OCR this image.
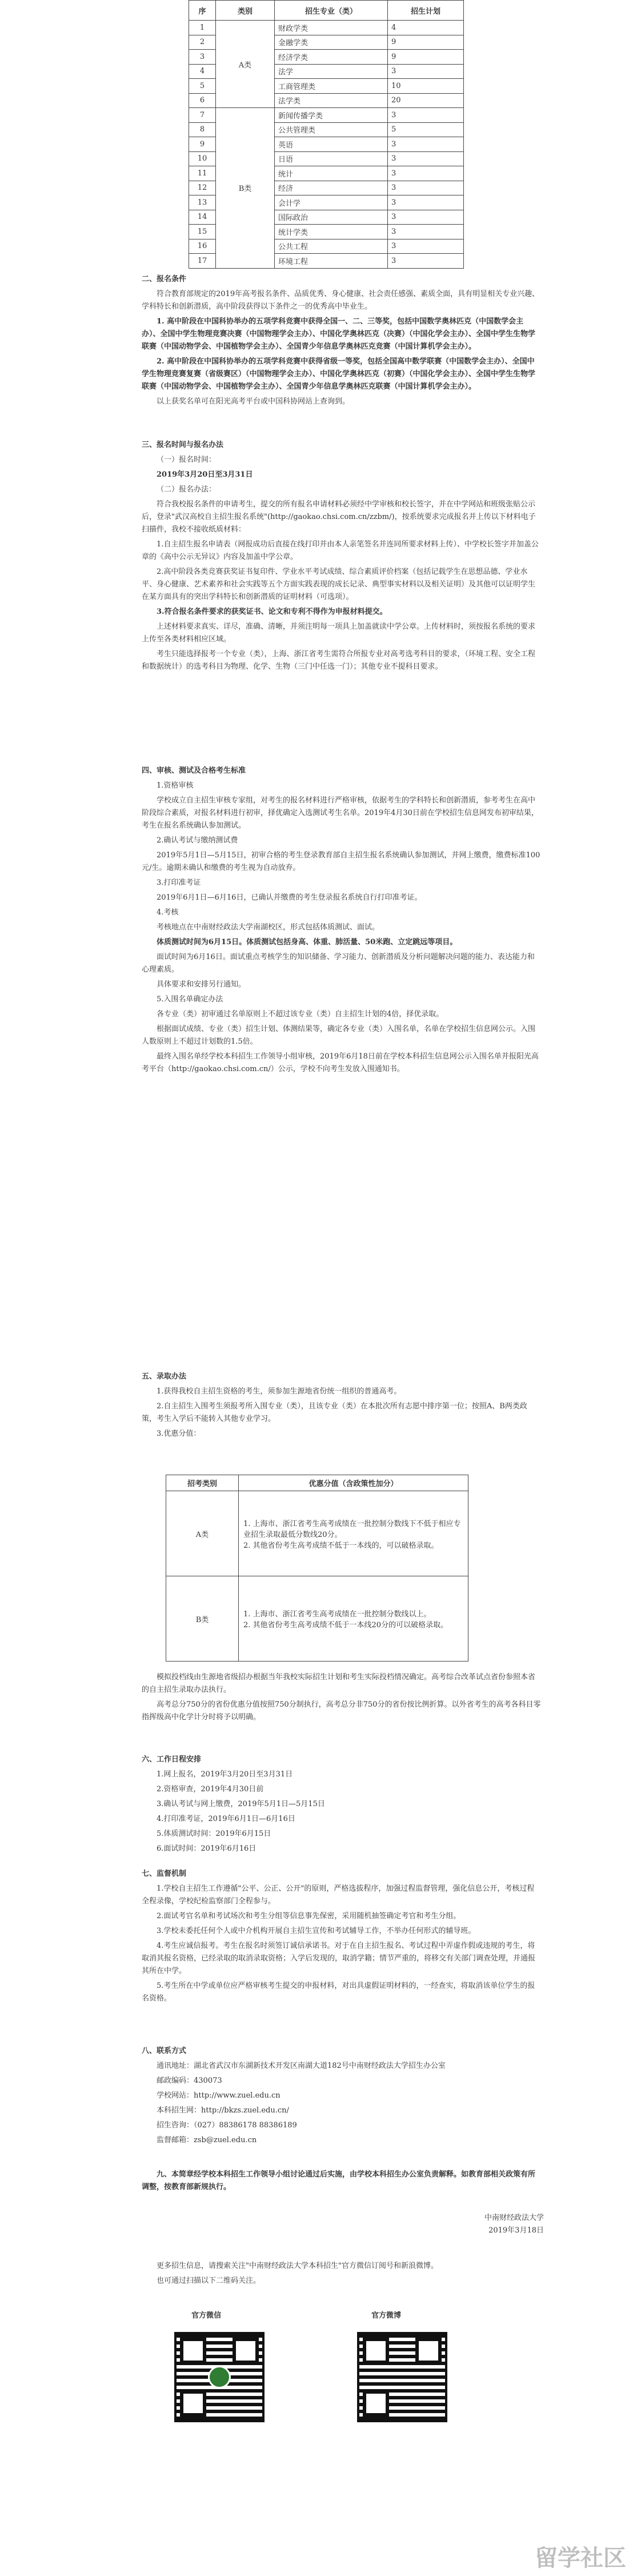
序	类别	招生专业（类）	招生计划
1	A类	财政学类	4
2		金融学类	9
3		经济学类	9
4		法学	3
5		工商管理类	10
6		法学类	20
7	B类	新闻传播学类	3
8		公共管理类	5
9		英语	3
10		日语	3
11		统计	3
12		经济	3
13		会计学	3
14		国际政治	3
15		统计学类	3
16		公共工程	3
17		环境工程	3
二、报名条件
符合教育部规定的2019年高考报名条件、品质优秀、身心健康、社会责任感强、素质全面，具有明显相关专业兴趣、学科特长和创新潜质，高中阶段获得以下条件之一的优秀高中毕业生。
1. 高中阶段在中国科协举办的五项学科竞赛中获得全国一、二、三等奖，包括中国数学奥林匹克（中国数学会主办）、全国中学生物理竞赛决赛（中国物理学会主办）、中国化学奥林匹克（决赛）（中国化学会主办）、全国中学生生物学联赛（中国动物学会、中国植物学会主办）、全国青少年信息学奥林匹克竞赛（中国计算机学会主办）。
2. 高中阶段在中国科协举办的五项学科竞赛中获得省级一等奖，包括全国高中数学联赛（中国数学会主办）、全国中学生物理竞赛复赛（省级赛区）（中国物理学会主办）、中国化学奥林匹克（初赛）（中国化学会主办）、全国中学生生物学联赛（中国动物学会、中国植物学会主办）、全国青少年信息学奥林匹克联赛（中国计算机学会主办）。
以上获奖名单可在阳光高考平台或中国科协网站上查询到。
三、报名时间与报名办法
（一）报名时间：
2019年3月20日至3月31日
（二）报名办法：
符合我校报名条件的申请考生，提交的所有报名申请材料必须经中学审核和校长签字，并在中学网站和班级张贴公示后，登录"武汉高校自主招生报名系统"(http://gaokao.chsi.com.cn/zzbm/)，按系统要求完成报名并上传以下材料电子扫描件，我校不接收纸质材料：
1.自主招生报名申请表（网报成功后直接在线打印并由本人亲笔签名并连同所要求材料上传）、中学校长签字并加盖公章的《高中公示无异议》内容及加盖中学公章。
2.高中阶段各类竞赛获奖证书复印件、学业水平考试成绩、综合素质评价档案（包括记载学生在思想品德、学业水平、身心健康、艺术素养和社会实践等五个方面实践表现的成长记录、典型事实材料以及相关证明）及其他可以证明学生在某方面具有的突出学科特长和创新潜质的证明材料（可选项）。
3.符合报名条件要求的获奖证书、论文和专利不得作为申报材料提交。
上述材料要求真实、详尽，准确、清晰，并须注明每一项具上加盖就读中学公章。上传材料时，须按报名系统的要求上传至各类材料相应区域。
考生只能选择报考一个专业（类），上海、浙江省考生需符合所报专业对高考选考科目的要求，（环境工程、安全工程和数据统计）的选考科目为物理、化学、生物（三门中任选一门）；其他专业不提科目要求。
四、审核、测试及合格考生标准
1.资格审核
学校成立自主招生审核专家组，对考生的报名材料进行严格审核，依据考生的学科特长和创新潜质，参考考生在高中阶段综合素质，对报名材料进行初审，择优确定入选测试考生名单。2019年4月30日前在学校招生信息网发布初审结果，考生在报名系统确认参加测试。
2.确认考试与缴纳测试费
2019年5月1日—5月15日，初审合格的考生登录教育部自主招生报名系统确认参加测试，并网上缴费，缴费标准100元/生。逾期未确认和缴费的考生视为自动放弃。
3.打印准考证
2019年6月1日—6月16日，已确认并缴费的考生登录报名系统自行打印准考证。
4.考核
考核地点在中南财经政法大学南湖校区，形式包括体质测试、面试。
体质测试时间为6月15日。体质测试包括身高、体重、肺活量、50米跑、立定跳远等项目。
面试时间为6月16日。面试重点考核学生的知识储备、学习能力、创新潜质及分析问题解决问题的能力、表达能力和心理素质。
具体要求和安排另行通知。
5.入围名单确定办法
各专业（类）初审通过名单原则上不超过该专业（类）自主招生计划的4倍，择优录取。
根据面试成绩、专业（类）招生计划、体测结果等，确定各专业（类）入围名单，名单在学校招生信息网公示。入围人数原则上不超过计划数的1.5倍。
最终入围名单经学校本科招生工作领导小组审核，2019年6月18日前在学校本科招生信息网公示入围名单并报阳光高考平台（http://gaokao.chsi.com.cn/）公示，学校不向考生发放入围通知书。
五、录取办法
1.获得我校自主招生资格的考生，须参加生源地省份统一组织的普通高考。
2.自主招生入围考生须报考所入围专业（类），且该专业（类）在本批次所有志愿中排序第一位；按照A、B两类政策，考生入学后不能转入其他专业学习。
3.优惠分值：
招考类别	优惠分值（含政策性加分）
A类	1. 上海市、浙江省考生高考成绩在一批控制分数线下不低于相应专业招生录取最低分数线20分。
2. 其他省份考生高考成绩不低于一本线的，可以破格录取。

B类	1. 上海市、浙江省考生高考成绩在一批控制分数线以上。
2. 其他省份考生高考成绩不低于一本线20分的可以破格录取。
模拟投档线由生源地省级招办根据当年我校实际招生计划和考生实际投档情况确定。高考综合改革试点省份参照本省的自主招生录取办法执行。
高考总分750分的省份优惠分值按照750分制执行，高考总分非750分的省份按比例折算。以外省考生的高考各科目零指挥级高中化学计分时将予以明确。
六、工作日程安排
1.网上报名，2019年3月20日至3月31日
2.资格审查，2019年4月30日前
3.确认考试与网上缴费，2019年5月1日—5月15日
4.打印准考证，2019年6月1日—6月16日
5.体质测试时间：2019年6月15日
6.面试时间：2019年6月16日
七、监督机制
1.学校自主招生工作遵循"公平、公正、公开"的原则，严格选拔程序，加强过程监督管理，强化信息公开，考核过程全程录像，学校纪检监察部门全程参与。
2.面试考官名单和考试场次和考生分组等信息事先保密，采用随机抽签确定考官和考生分组。
3.学校未委托任何个人或中介机构开展自主招生宣传和考试辅导工作，不举办任何形式的辅导班。
4.考生应诚信报考。考生在报名时须签订诚信承诺书。对于在自主招生报名、考试过程中弄虚作假或违规的考生，将取消其报名资格，已经录取的取消录取资格；入学后发现的，取消学籍；情节严重的，将移交有关部门调查处理，并通报其所在中学。
5.考生所在中学或单位应严格审核考生提交的申报材料，对出具虚假证明材料的，一经查实，将取消该单位学生的报名资格。
八、联系方式
通讯地址：湖北省武汉市东湖新技术开发区南湖大道182号中南财经政法大学招生办公室
邮政编码：430073
学校网站：http://www.zuel.edu.cn
本科招生网：http://bkzs.zuel.edu.cn/
招生咨询：（027）88386178 88386189
监督邮箱：zsb@zuel.edu.cn
九、本简章经学校本科招生工作领导小组讨论通过后实施，由学校本科招生办公室负责解释。如教育部相关政策有所调整，按教育部新规执行。
中南财经政法大学
2019年3月18日
更多招生信息，请搜索关注"中南财经政法大学本科招生"官方微信订阅号和新浪微博。
也可通过扫描以下二维码关注。
官方微信	官方微博
留学社区
